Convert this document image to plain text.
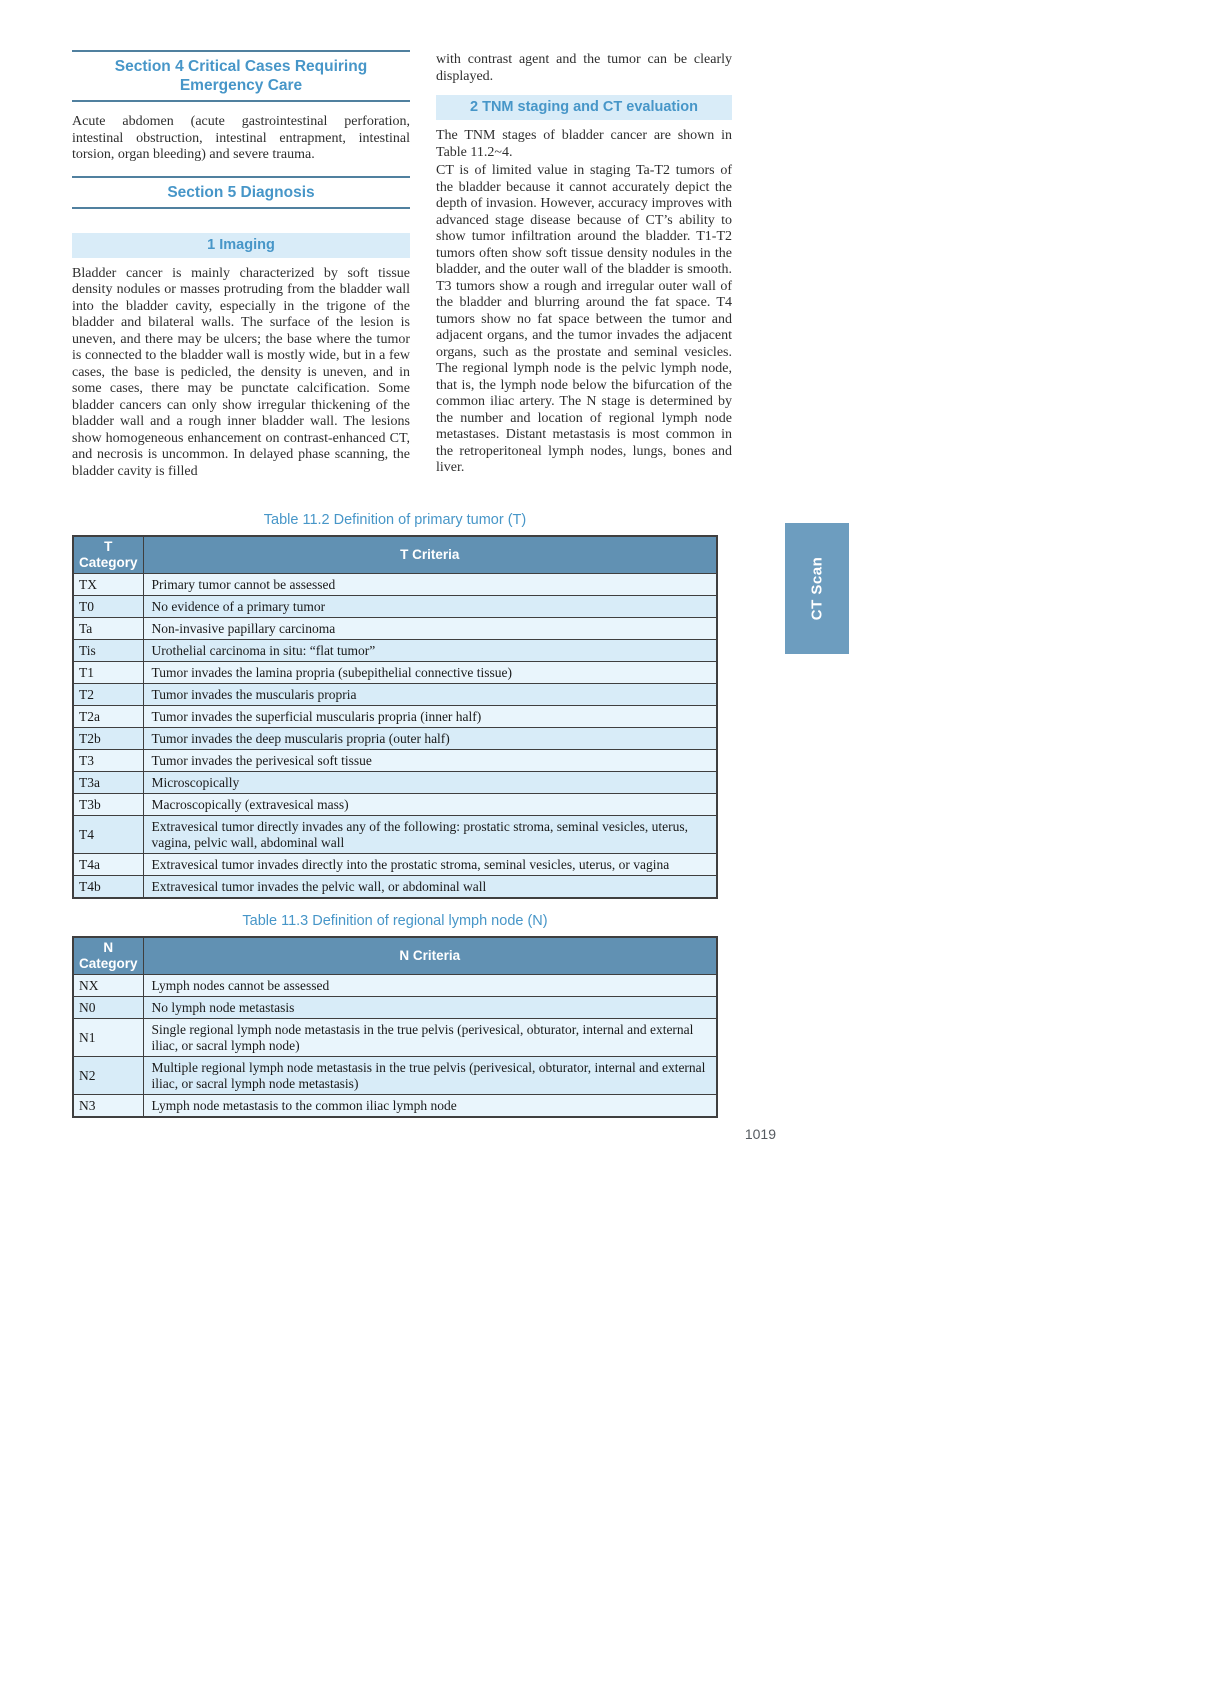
Section 4 Critical Cases Requiring Emergency Care

Acute abdomen (acute gastrointestinal perforation, intestinal obstruction, intestinal entrapment, intestinal torsion, organ bleeding) and severe trauma.

Section 5 Diagnosis
1 Imaging

Bladder cancer is mainly characterized by soft tissue density nodules or masses protruding from the bladder wall into the bladder cavity, especially in the trigone of the bladder and bilateral walls. The surface of the lesion is uneven, and there may be ulcers; the base where the tumor is connected to the bladder wall is mostly wide, but in a few cases, the base is pedicled, the density is uneven, and in some cases, there may be punctate calcification. Some bladder cancers can only show irregular thickening of the bladder wall and a rough inner bladder wall. The lesions show homogeneous enhancement on contrast-enhanced CT, and necrosis is uncommon. In delayed phase scanning, the bladder cavity is filled

with contrast agent and the tumor can be clearly displayed.

2 TNM staging and CT evaluation

The TNM stages of bladder cancer are shown in Table 11.2~4.

CT is of limited value in staging Ta-T2 tumors of the bladder because it cannot accurately depict the depth of invasion. However, accuracy improves with advanced stage disease because of CT’s ability to show tumor infiltration around the bladder. T1-T2 tumors often show soft tissue density nodules in the bladder, and the outer wall of the bladder is smooth. T3 tumors show a rough and irregular outer wall of the bladder and blurring around the fat space. T4 tumors show no fat space between the tumor and adjacent organs, and the tumor invades the adjacent organs, such as the prostate and seminal vesicles. The regional lymph node is the pelvic lymph node, that is, the lymph node below the bifurcation of the common iliac artery. The N stage is determined by the number and location of regional lymph node metastases. Distant metastasis is most common in the retroperitoneal lymph nodes, lungs, bones and liver.

Table 11.2 Definition of primary tumor (T)
T Category	T Criteria
TX	Primary tumor cannot be assessed
T0	No evidence of a primary tumor
Ta	Non-invasive papillary carcinoma
Tis	Urothelial carcinoma in situ: “flat tumor”
T1	Tumor invades the lamina propria (subepithelial connective tissue)
T2	Tumor invades the muscularis propria
T2a	Tumor invades the superficial muscularis propria (inner half)
T2b	Tumor invades the deep muscularis propria (outer half)
T3	Tumor invades the perivesical soft tissue
T3a	Microscopically
T3b	Macroscopically (extravesical mass)
T4	Extravesical tumor directly invades any of the following: prostatic stroma, seminal vesicles, uterus, vagina, pelvic wall, abdominal wall
T4a	Extravesical tumor invades directly into the prostatic stroma, seminal vesicles, uterus, or vagina
T4b	Extravesical tumor invades the pelvic wall, or abdominal wall
Table 11.3 Definition of regional lymph node (N)
N Category	N Criteria
NX	Lymph nodes cannot be assessed
N0	No lymph node metastasis
N1	Single regional lymph node metastasis in the true pelvis (perivesical, obturator, internal and external iliac, or sacral lymph node)
N2	Multiple regional lymph node metastasis in the true pelvis (perivesical, obturator, internal and external iliac, or sacral lymph node metastasis)
N3	Lymph node metastasis to the common iliac lymph node
CT Scan
1019
